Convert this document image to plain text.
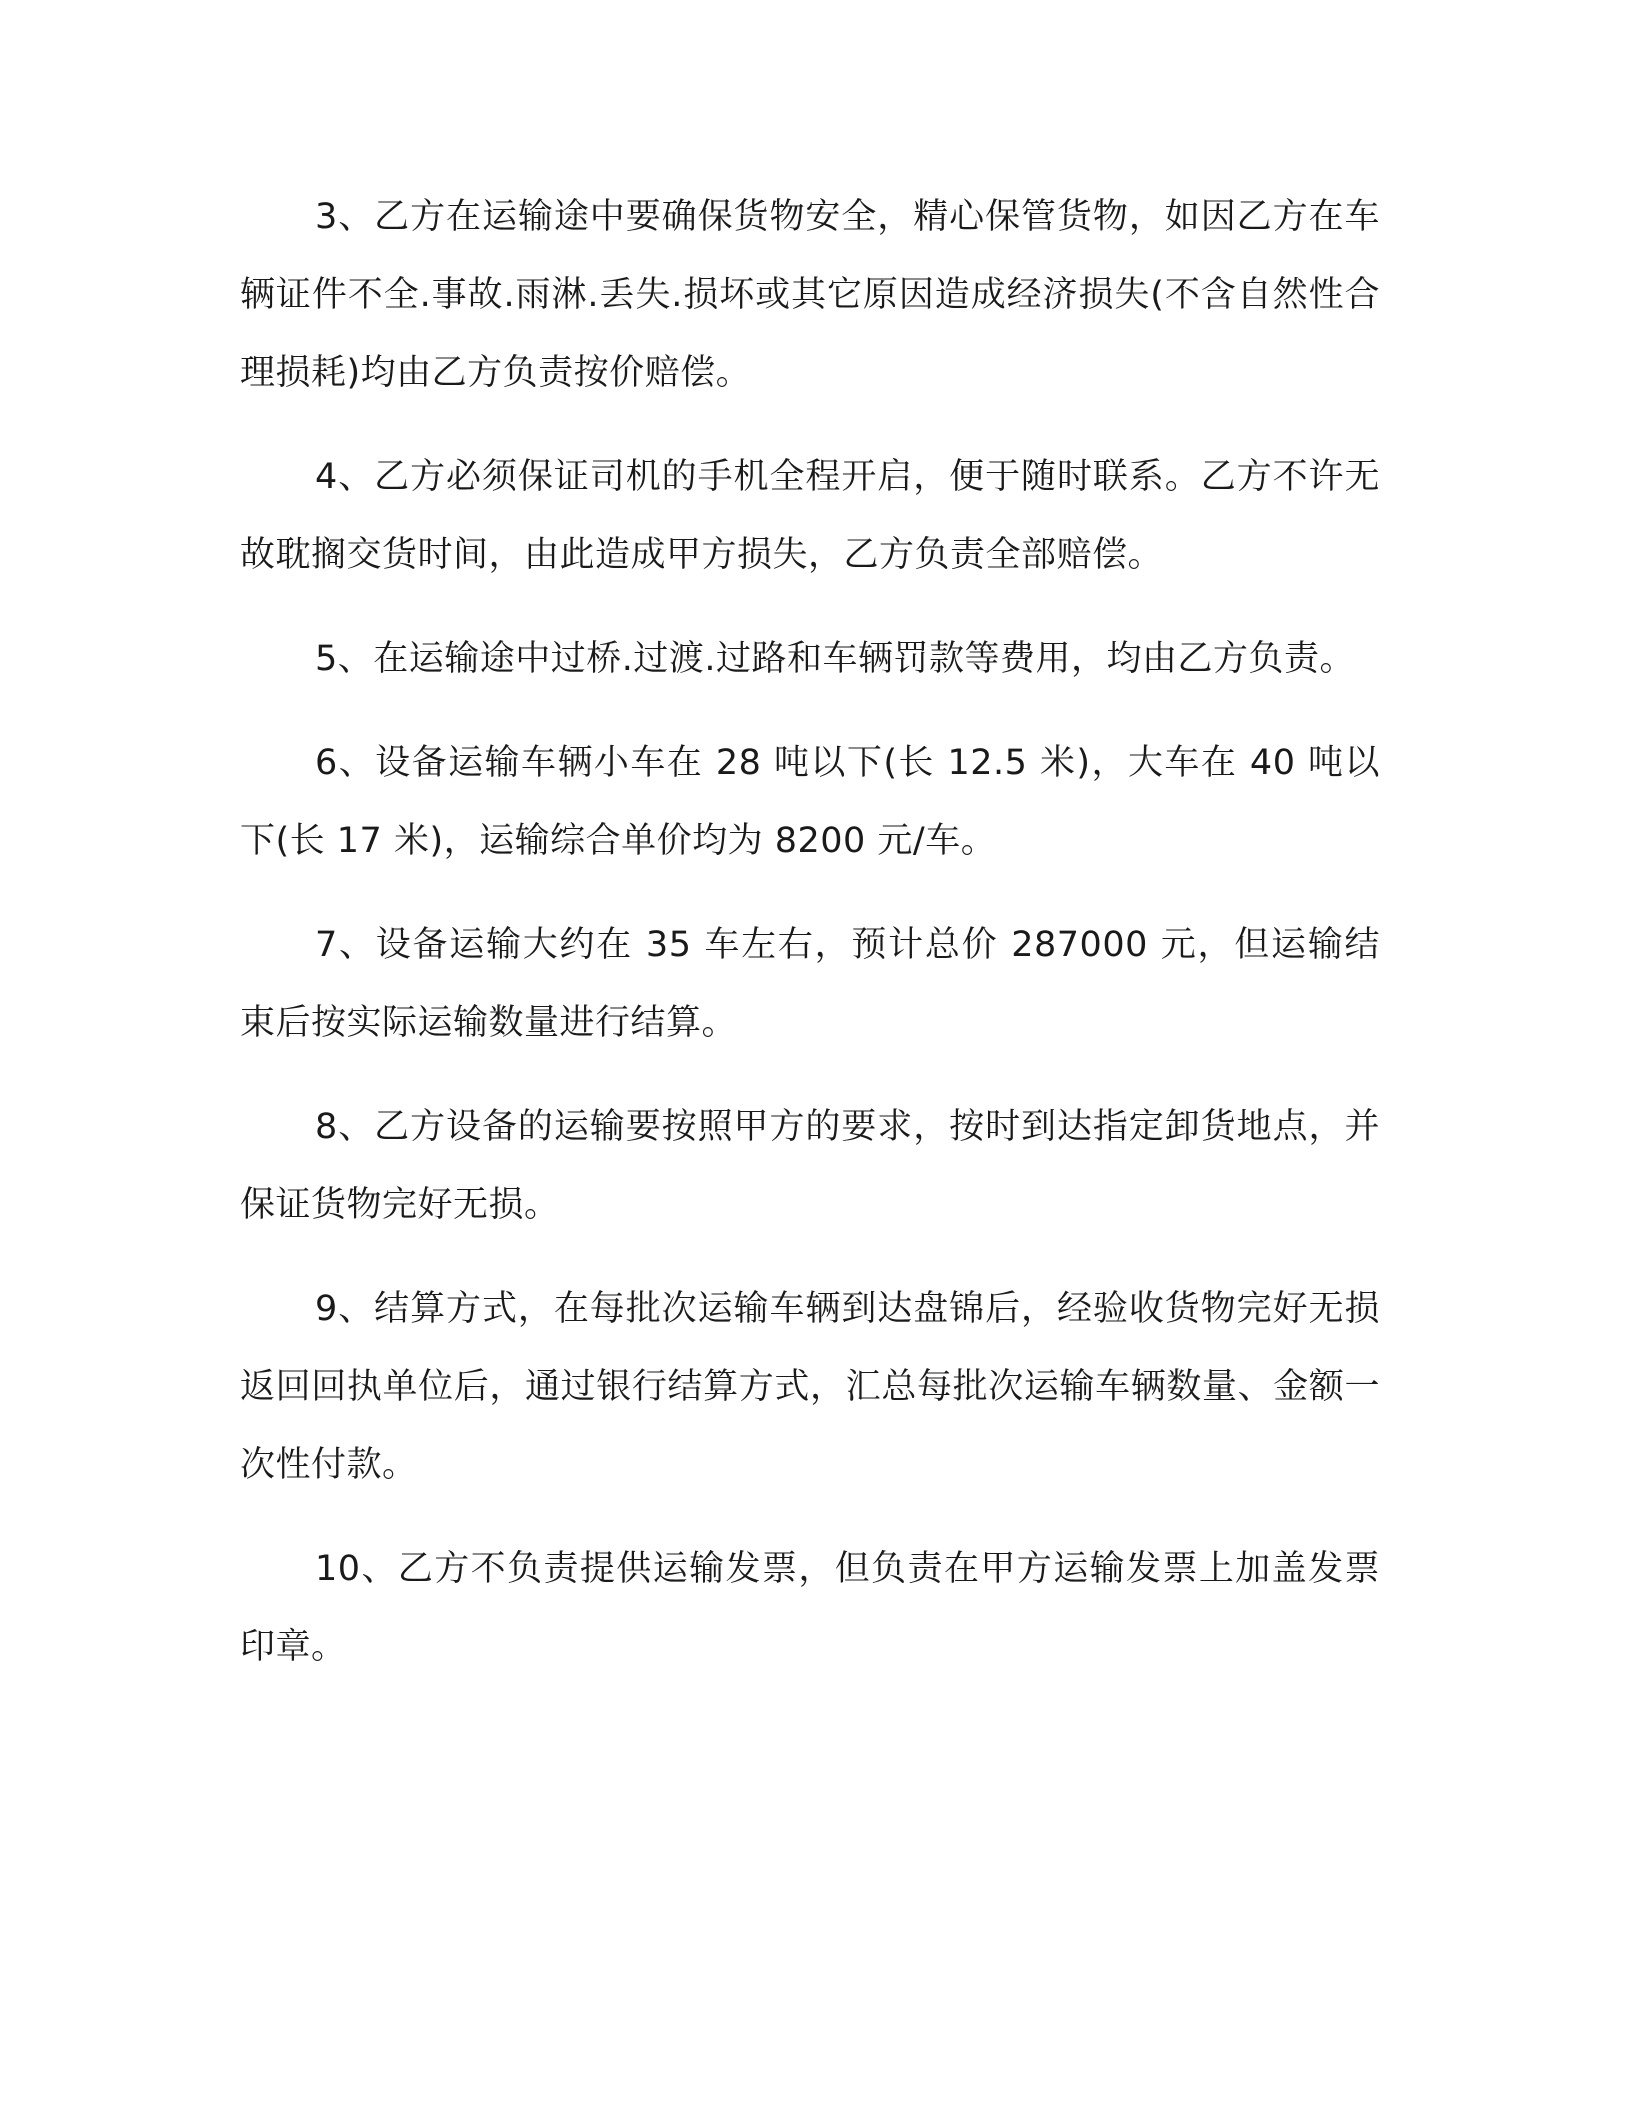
3、乙方在运输途中要确保货物安全，精心保管货物，如因乙方在车辆证件不全.事故.雨淋.丢失.损坏或其它原因造成经济损失(不含自然性合理损耗)均由乙方负责按价赔偿。

4、乙方必须保证司机的手机全程开启，便于随时联系。乙方不许无故耽搁交货时间，由此造成甲方损失，乙方负责全部赔偿。

5、在运输途中过桥.过渡.过路和车辆罚款等费用，均由乙方负责。

6、设备运输车辆小车在 28 吨以下(长 12.5 米)，大车在 40 吨以下(长 17 米)，运输综合单价均为 8200 元/车。

7、设备运输大约在 35 车左右，预计总价 287000 元，但运输结束后按实际运输数量进行结算。

8、乙方设备的运输要按照甲方的要求，按时到达指定卸货地点，并保证货物完好无损。

9、结算方式，在每批次运输车辆到达盘锦后，经验收货物完好无损返回回执单位后，通过银行结算方式，汇总每批次运输车辆数量、金额一次性付款。

10、乙方不负责提供运输发票，但负责在甲方运输发票上加盖发票印章。
